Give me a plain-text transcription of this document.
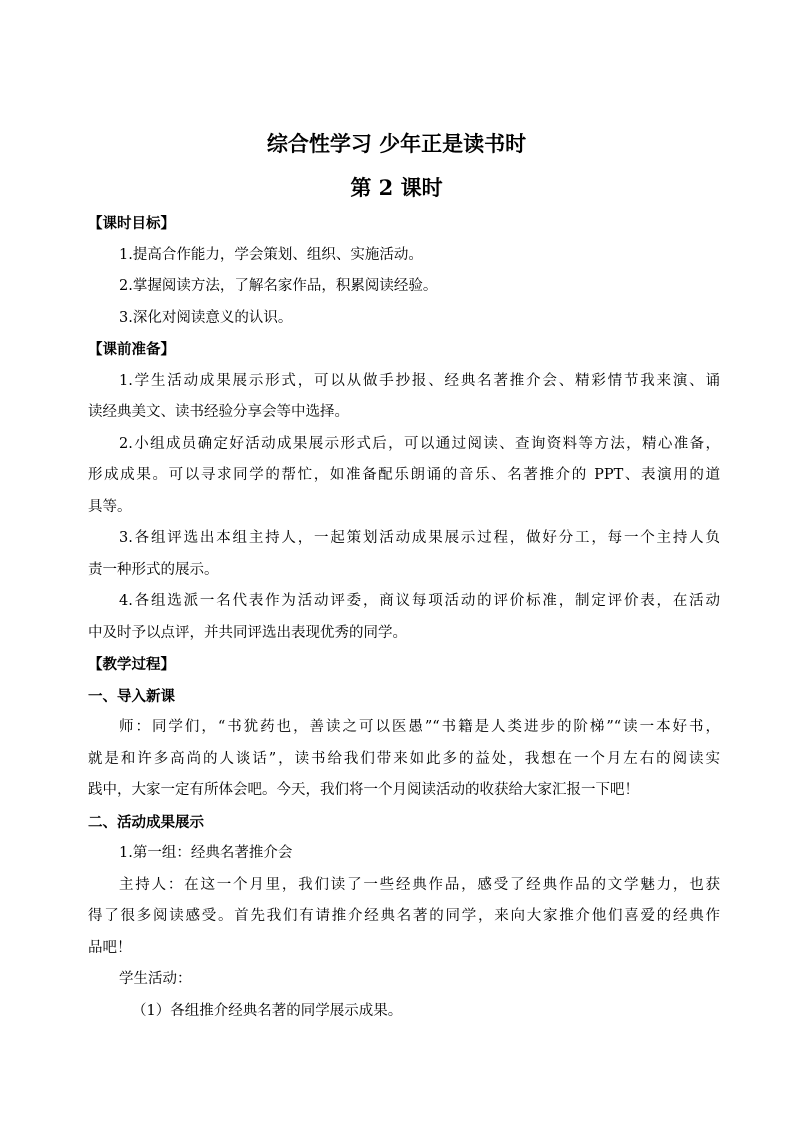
综合性学习 少年正是读书时
第 2 课时
【课时目标】
1.提高合作能力，学会策划、组织、实施活动。
2.掌握阅读方法，了解名家作品，积累阅读经验。
3.深化对阅读意义的认识。
【课前准备】
1.学生活动成果展示形式，可以从做手抄报、经典名著推介会、精彩情节我来演、诵
读经典美文、读书经验分享会等中选择。
2.小组成员确定好活动成果展示形式后，可以通过阅读、查询资料等方法，精心准备，
形成成果。可以寻求同学的帮忙，如准备配乐朗诵的音乐、名著推介的 PPT、表演用的道
具等。
3.各组评选出本组主持人，一起策划活动成果展示过程，做好分工，每一个主持人负
责一种形式的展示。
4.各组选派一名代表作为活动评委，商议每项活动的评价标准，制定评价表，在活动
中及时予以点评，并共同评选出表现优秀的同学。
【教学过程】
一、导入新课
师：同学们，“书犹药也，善读之可以医愚”“书籍是人类进步的阶梯”“读一本好书，
就是和许多高尚的人谈话”，读书给我们带来如此多的益处，我想在一个月左右的阅读实
践中，大家一定有所体会吧。今天，我们将一个月阅读活动的收获给大家汇报一下吧！
二、活动成果展示
1.第一组：经典名著推介会
主持人：在这一个月里，我们读了一些经典作品，感受了经典作品的文学魅力，也获
得了很多阅读感受。首先我们有请推介经典名著的同学，来向大家推介他们喜爱的经典作
品吧！
学生活动：
（1）各组推介经典名著的同学展示成果。
